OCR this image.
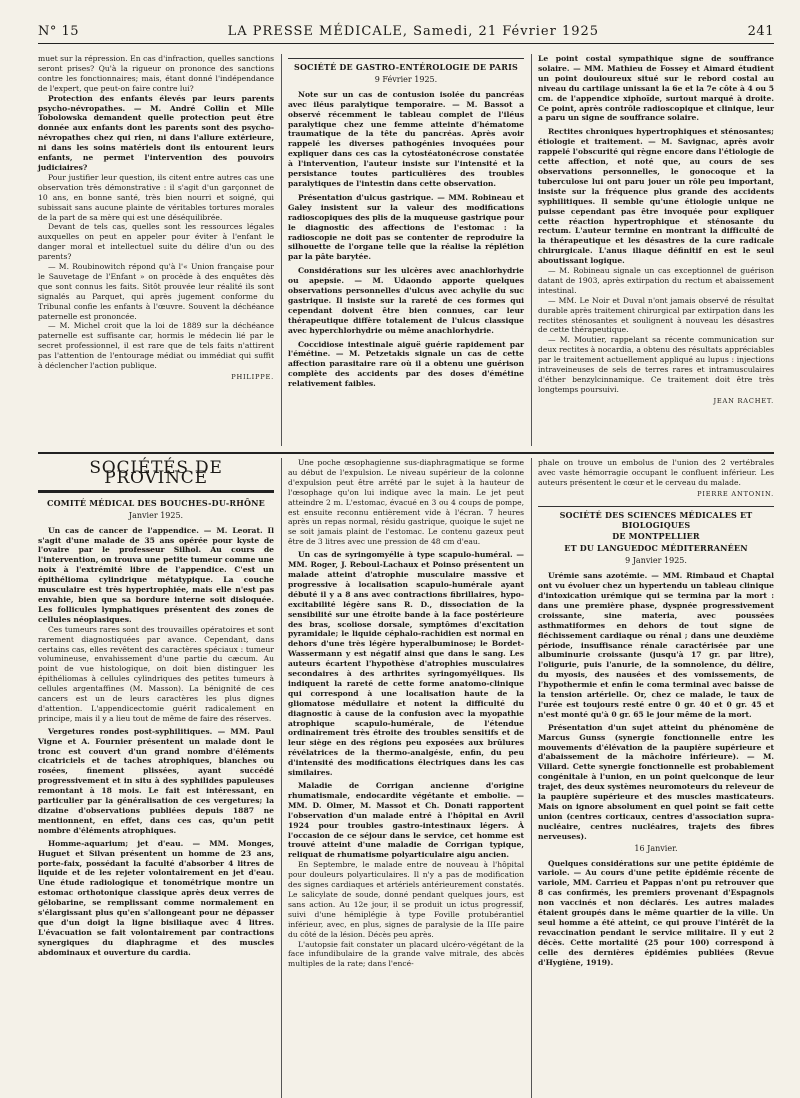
N° 15	LA PRESSE MÉDICALE, Samedi, 21 Février 1925	241

muet sur la répression. En cas d'infraction, quelles sanctions seront prises? Qu'à la rigueur on prononce des sanctions contre les fonctionnaires; mais, étant donné l'indépendance de l'expert, que peut-on faire contre lui?

Protection des enfants élevés par leurs parents psycho-névropathes. — M. André Collin et Mlle Tobolowska demandent quelle protection peut être donnée aux enfants dont les parents sont des psycho-névropathes chez qui rien, ni dans l'allure extérieure, ni dans les soins matériels dont ils entourent leurs enfants, ne permet l'intervention des pouvoirs judiciaires?

Pour justifier leur question, ils citent entre autres cas une observation très démonstrative : il s'agit d'un garçonnet de 10 ans, en bonne santé, très bien nourri et soigné, qui subissait sans aucune plainte de véritables tortures morales de la part de sa mère qui est une déséquilibrée.

Devant de tels cas, quelles sont les ressources légales auxquelles on peut en appeler pour éviter à l'enfant le danger moral et intellectuel suite du délire d'un ou des parents?

— M. Roubinowitch répond qu'à l'« Union française pour le Sauvetage de l'Enfant » on procède à des enquêtes dès que sont connus les faits. Sitôt prouvée leur réalité ils sont signalés au Parquet, qui après jugement conforme du Tribunal confie les enfants à l'œuvre. Souvent la déchéance paternelle est prononcée.

— M. Michel croit que la loi de 1889 sur la déchéance paternelle est suffisante car, hormis le médecin lié par le secret professionnel, il est rare que de tels faits n'attirent pas l'attention de l'entourage médiat ou immédiat qui suffit à déclencher l'action publique.

PHILIPPE.
SOCIÉTÉ DE GASTRO-ENTÉROLOGIE DE PARIS
9 Février 1925.

Note sur un cas de contusion isolée du pancréas avec iléus paralytique temporaire. — M. Bassot a observé récemment le tableau complet de l'iléus paralytique chez une femme atteinte d'hématome traumatique de la tête du pancréas. Après avoir rappelé les diverses pathogénies invoquées pour expliquer dans ces cas la cytostéatonécrose constatée à l'intervention, l'auteur insiste sur l'intensité et la persistance toutes particulières des troubles paralytiques de l'intestin dans cette observation.

Présentation d'ulcus gastrique. — MM. Robineau et Galey insistent sur la valeur des modifications radioscopiques des plis de la muqueuse gastrique pour le diagnostic des affections de l'estomac : la radioscopie ne doit pas se contenter de reproduire la silhouette de l'organe telle que la réalise la réplétion par la pâte barytée.

Considérations sur les ulcères avec anachlorhydrie ou apepsie. — M. Udaondo apporte quelques observations personnelles d'ulcus avec achylie du suc gastrique. Il insiste sur la rareté de ces formes qui cependant doivent être bien connues, car leur thérapeutique diffère totalement de l'ulcus classique avec hyperchlorhydrie ou même anachlorhydrie.

Coccidiose intestinale aiguë guérie rapidement par l'émétine. — M. Petzetakis signale un cas de cette affection parasitaire rare où il a obtenu une guérison complète des accidents par des doses d'émétine relativement faibles.

Le point costal sympathique signe de souffrance solaire. — MM. Mathieu de Fossey et Aimard étudient un point douloureux situé sur le rebord costal au niveau du cartilage unissant la 6e et la 7e côte à 4 ou 5 cm. de l'appendice xiphoïde, surtout marqué à droite. Ce point, après contrôle radioscopique et clinique, leur a paru un signe de souffrance solaire.

Rectites chroniques hypertrophiques et sténosantes; étiologie et traitement. — M. Savignac, après avoir rappelé l'obscurité qui règne encore dans l'étiologie de cette affection, et noté que, au cours de ses observations personnelles, le gonocoque et la tuberculose lui ont paru jouer un rôle peu important, insiste sur la fréquence plus grande des accidents syphilitiques. Il semble qu'une étiologie unique ne puisse cependant pas être invoquée pour expliquer cette réaction hypertrophique et sténosante du rectum. L'auteur termine en montrant la difficulté de la thérapeutique et les désastres de la cure radicale chirurgicale. L'anus iliaque définitif en est le seul aboutissant logique.

— M. Robineau signale un cas exceptionnel de guérison datant de 1903, après extirpation du rectum et abaissement intestinal.

— MM. Le Noir et Duval n'ont jamais observé de résultat durable après traitement chirurgical par extirpation dans les rectites sténosantes et soulignent à nouveau les désastres de cette thérapeutique.

— M. Moutier, rappelant sa récente communication sur deux rectites à nocardia, a obtenu des résultats appréciables par le traitement actuellement appliqué au lupus : injections intraveineuses de sels de terres rares et intramusculaires d'éther benzylcinnamique. Ce traitement doit être très longtemps poursuivi.

JEAN RACHET.
SOCIÉTÉS DE PROVINCE
COMITÉ MÉDICAL DES BOUCHES-DU-RHÔNE
Janvier 1925.

Un cas de cancer de l'appendice. — M. Leorat. Il s'agit d'une malade de 35 ans opérée pour kyste de l'ovaire par le professeur Silhol. Au cours de l'intervention, on trouva une petite tumeur comme une noix à l'extrémité libre de l'appendice. C'est un épithélioma cylindrique métatypique. La couche musculaire est très hypertrophiée, mais elle n'est pas envahie, bien que sa bordure interne soit disloquée. Les follicules lymphatiques présentent des zones de cellules néoplasiques.

Ces tumeurs rares sont des trouvailles opératoires et sont rarement diagnostiquées par avance. Cependant, dans certains cas, elles revêtent des caractères spéciaux : tumeur volumineuse, envahissement d'une partie du cæcum. Au point de vue histologique, on doit bien distinguer les épithéliomas à cellules cylindriques des petites tumeurs à cellules argentaffines (M. Masson). La bénignité de ces cancers est un de leurs caractères les plus dignes d'attention. L'appendicectomie guérit radicalement en principe, mais il y a lieu tout de même de faire des réserves.

Vergetures rondes post-syphilitiques. — MM. Paul Vigne et A. Fournier présentent un malade dont le tronc est couvert d'un grand nombre d'éléments cicatriciels et de taches atrophiques, blanches ou rosées, finement plissées, ayant succédé progressivement et in situ à des syphilides papuleuses remontant à 18 mois. Le fait est intéressant, en particulier par la généralisation de ces vergetures; la dizaine d'observations publiées depuis 1887 ne mentionnent, en effet, dans ces cas, qu'un petit nombre d'éléments atrophiques.

Homme-aquarium; jet d'eau. — MM. Monges, Huguet et Silvan présentent un homme de 23 ans, porte-faix, possédant la faculté d'absorber 4 litres de liquide et de les rejeter volontairement en jet d'eau. Une étude radiologique et tonométrique montre un estomac orthotonique classique après deux verres de gélobarine, se remplissant comme normalement en s'élargissant plus qu'en s'allongeant pour ne dépasser que d'un doigt la ligne bisiliaque avec 4 litres. L'évacuation se fait volontairement par contractions synergiques du diaphragme et des muscles abdominaux et ouverture du cardia.

Une poche œsophagienne sus-diaphragmatique se forme au début de l'expulsion. Le niveau supérieur de la colonne d'expulsion peut être arrêté par le sujet à la hauteur de l'œsophage qu'on lui indique avec la main. Le jet peut atteindre 2 m. L'estomac, évacué en 3 ou 4 coups de pompe, est ensuite reconnu entièrement vide à l'écran. 7 heures après un repas normal, résidu gastrique, quoique le sujet ne se soit jamais plaint de l'estomac. Le contenu gazeux peut être de 3 litres avec une pression de 48 cm d'eau.

Un cas de syringomyélie à type scapulo-huméral. — MM. Roger, J. Reboul-Lachaux et Poinso présentent un malade atteint d'atrophie musculaire massive et progressive à localisation scapulo-humérale ayant débuté il y a 8 ans avec contractions fibrillaires, hypo-excitabilité légère sans R. D., dissociation de la sensibilité sur une étroite bande à la face postérieure des bras, scoliose dorsale, symptômes d'excitation pyramidale; le liquide céphalo-rachidien est normal en dehors d'une très légère hyperalbuminose; le Bordet-Wassermann y est négatif ainsi que dans le sang. Les auteurs écartent l'hypothèse d'atrophies musculaires secondaires à des arthrites syringomyéliques. Ils indiquent la rareté de cette forme anatomo-clinique qui correspond à une localisation haute de la gliomatose médullaire et notent la difficulté du diagnostic à cause de la confusion avec la myopathie atrophique scapulo-humérale, de l'étendue ordinairement très étroite des troubles sensitifs et de leur siège en des régions peu exposées aux brûlures révélatrices de la thermo-analgésie, enfin, du peu d'intensité des modifications électriques dans les cas similaires.

Maladie de Corrigan ancienne d'origine rhumatismale, endocardite végétante et embolie. — MM. D. Olmer, M. Massot et Ch. Donati rapportent l'observation d'un malade entré à l'hôpital en Avril 1924 pour troubles gastro-intestinaux légers. À l'occasion de ce séjour dans le service, cet homme est trouvé atteint d'une maladie de Corrigan typique, reliquat de rhumatisme polyarticulaire aigu ancien.

En Septembre, le malade entre de nouveau à l'hôpital pour douleurs polyarticulaires. Il n'y a pas de modification des signes cardiaques et artériels antérieurement constatés. Le salicylate de soude, donné pendant quelques jours, est sans action. Au 12e jour, il se produit un ictus progressif, suivi d'une hémiplégie à type Foville protubérantiel inférieur, avec, en plus, signes de paralysie de la IIIe paire du côté de la lésion. Décès peu après.

L'autopsie fait constater un placard ulcéro-végétant de la face infundibulaire de la grande valve mitrale, des abcès multiples de la rate; dans l'encé-

phale on trouve un embolus de l'union des 2 vertébrales avec vaste hémorragie occupant le confluent inférieur. Les auteurs présentent le cœur et le cerveau du malade.

PIERRE ANTONIN.
SOCIÉTÉ DES SCIENCES MÉDICALES ET BIOLOGIQUES
DE MONTPELLIER
ET DU LANGUEDOC MÉDITERRANÉEN
9 Janvier 1925.

Urémie sans azotémie. — MM. Rimbaud et Chaptal ont vu évoluer chez un hypertendu un tableau clinique d'intoxication urémique qui se termina par la mort : dans une première phase, dyspnée progressivement croissante, sine materia, avec poussées asthmatiformes en dehors de tout signe de fléchissement cardiaque ou rénal ; dans une deuxième période, insuffisance rénale caractérisée par une albuminurie croissante (jusqu'à 17 gr. par litre), l'oligurie, puis l'anurie, de la somnolence, du délire, du myosis, des nausées et des vomissements, de l'hypothermie et enfin le coma terminal avec baisse de la tension artérielle. Or, chez ce malade, le taux de l'urée est toujours resté entre 0 gr. 40 et 0 gr. 45 et n'est monté qu'à 0 gr. 65 le jour même de la mort.

Présentation d'un sujet atteint du phénomène de Marcus Gunss (synergie fonctionnelle entre les mouvements d'élévation de la paupière supérieure et d'abaissement de la mâchoire inférieure). — M. Villard. Cette synergie fonctionnelle est probablement congénitale à l'union, en un point quelconque de leur trajet, des deux systèmes neuromoteurs du releveur de la paupière supérieure et des muscles masticateurs. Mais on ignore absolument en quel point se fait cette union (centres corticaux, centres d'association supra-nucléaire, centres nucléaires, trajets des fibres nerveuses).

16 Janvier.

Quelques considérations sur une petite épidémie de variole. — Au cours d'une petite épidémie récente de variole, MM. Carrieu et Pappas n'ont pu retrouver que 8 cas confirmés, les premiers provenant d'Espagnols non vaccinés et non déclarés. Les autres malades étaient groupés dans le même quartier de la ville. Un seul homme a été atteint, ce qui prouve l'intérêt de la revaccination pendant le service militaire. Il y eut 2 décès. Cette mortalité (25 pour 100) correspond à celle des dernières épidémies publiées (Revue d'Hygiène, 1919).
